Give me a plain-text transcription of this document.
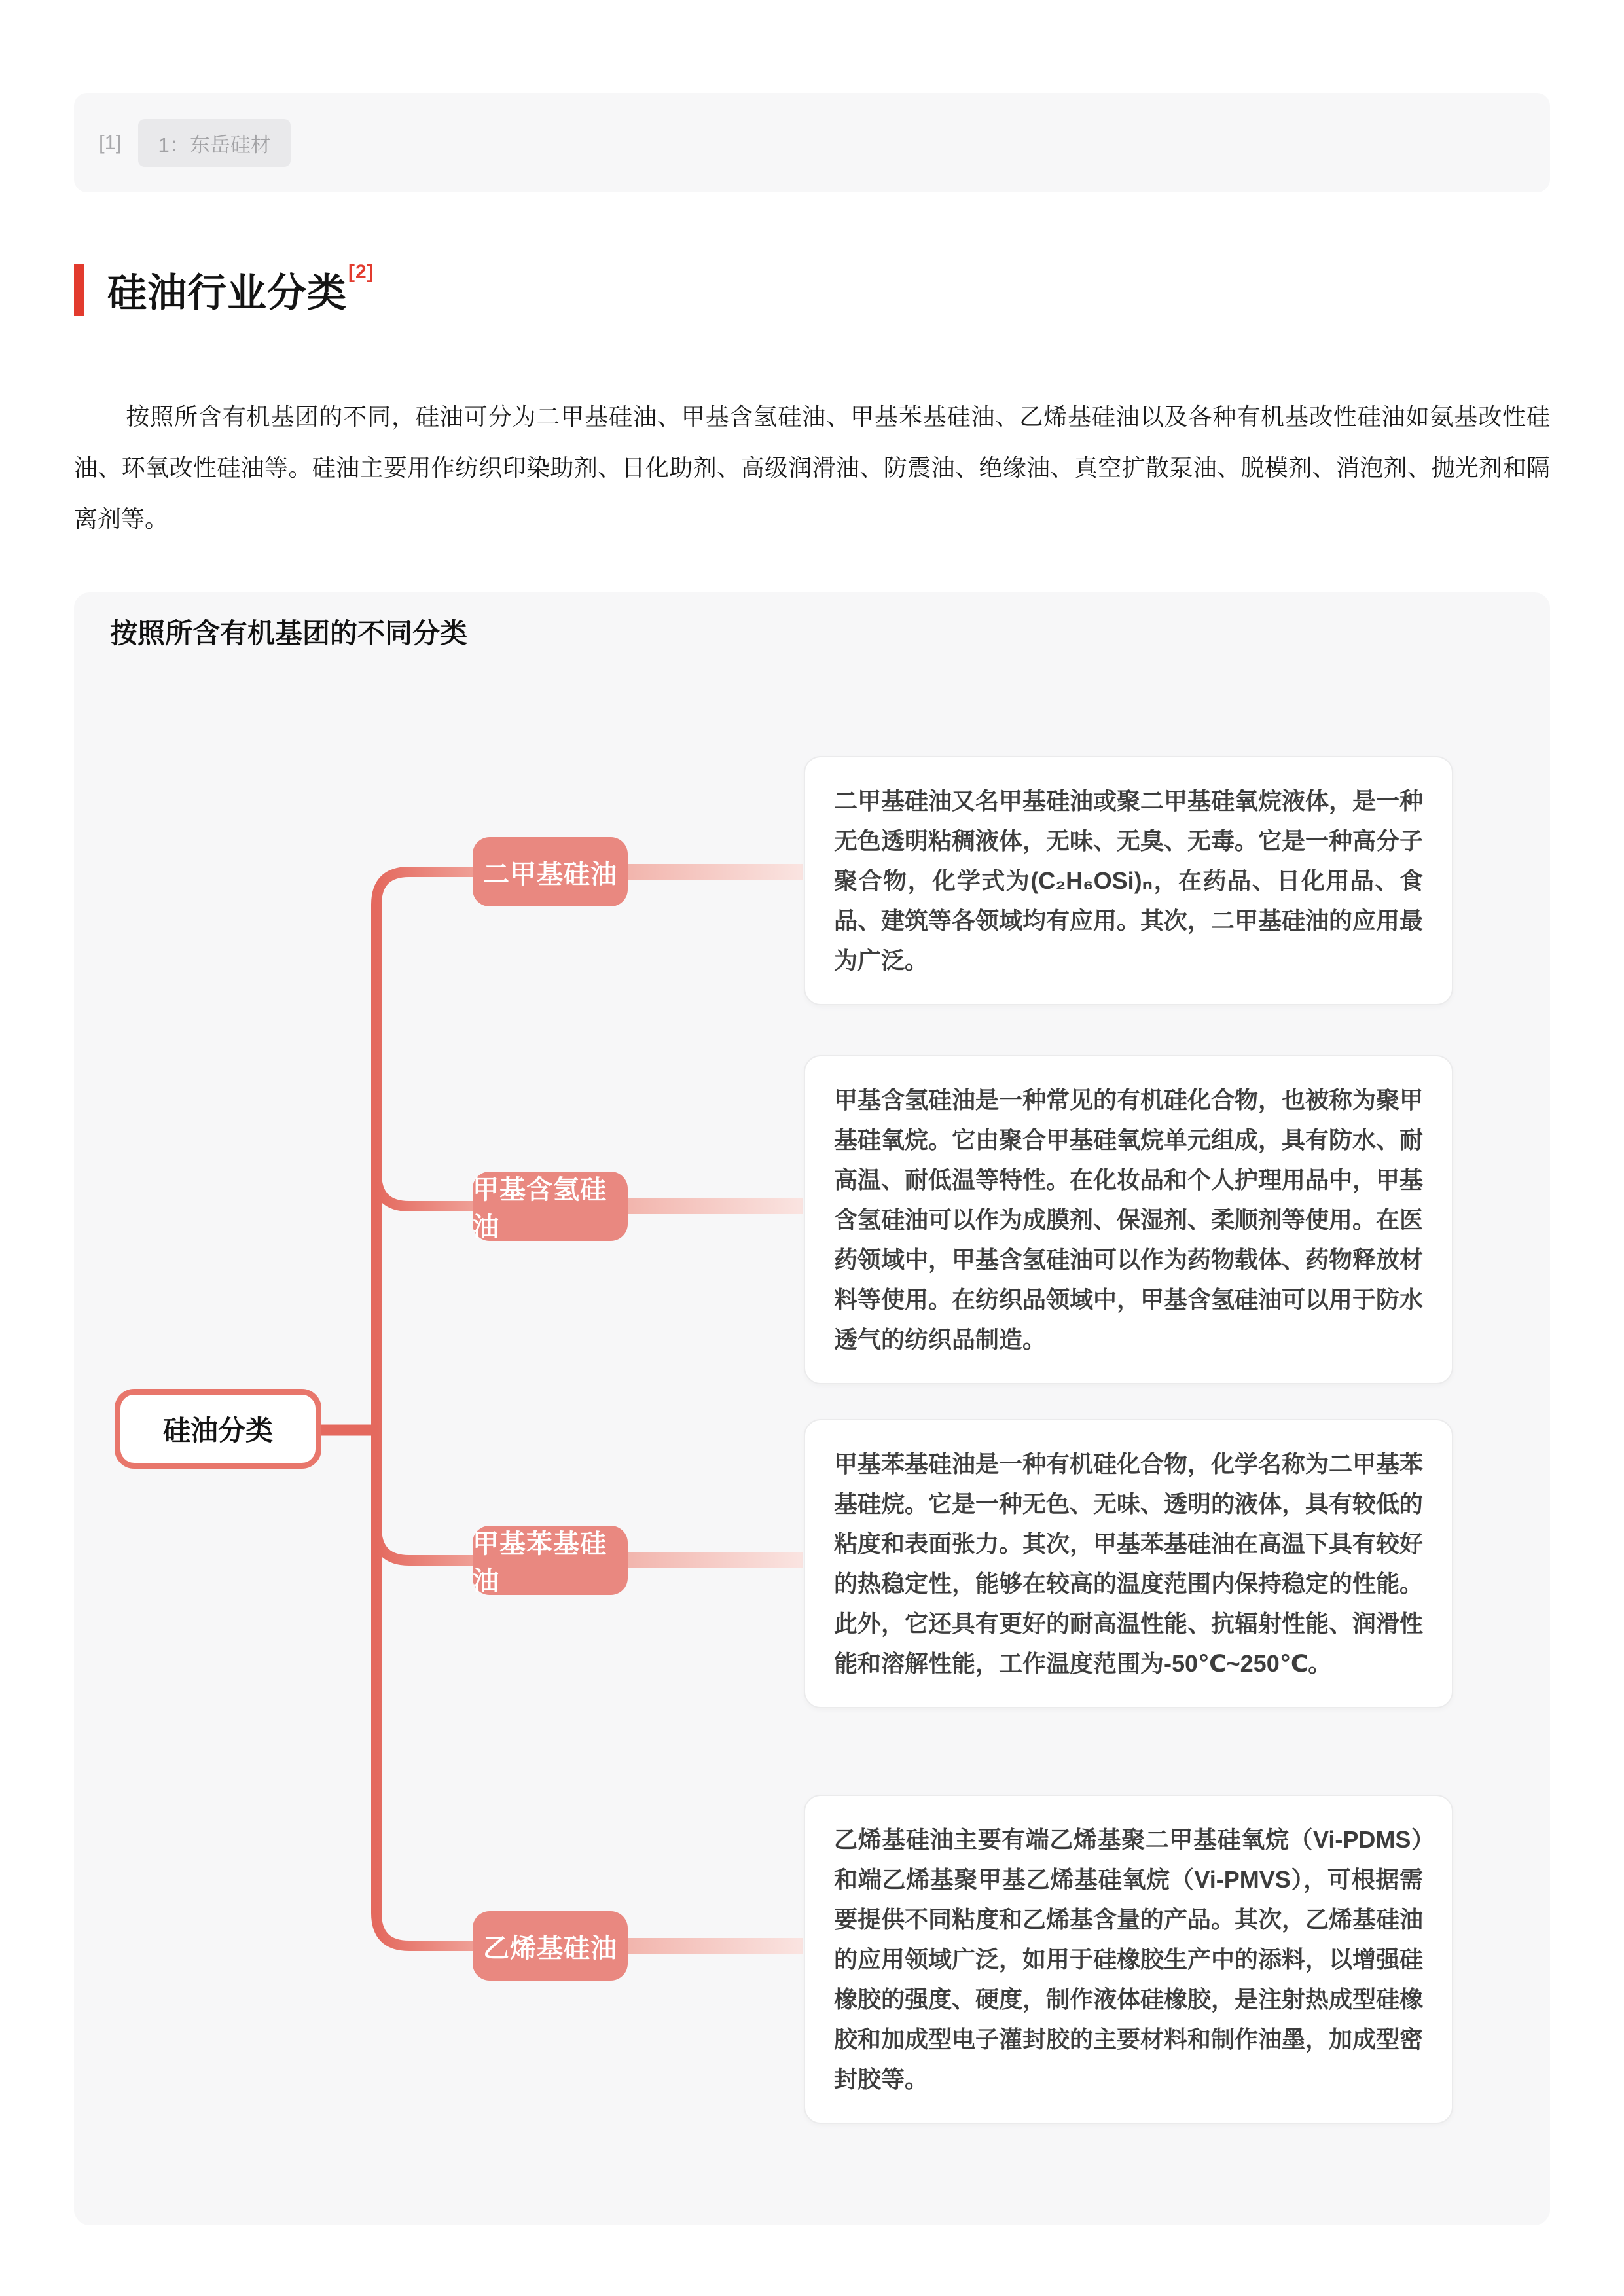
[1]	1：东岳硅材
硅油行业分类[2]

按照所含有机基团的不同，硅油可分为二甲基硅油、甲基含氢硅油、甲基苯基硅油、乙烯基硅油以及各种有机基改性硅油如氨基改性硅油、环氧改性硅油等。硅油主要用作纺织印染助剂、日化助剂、高级润滑油、防震油、绝缘油、真空扩散泵油、脱模剂、消泡剂、抛光剂和隔离剂等。

按照所含有机基团的不同分类
硅油分类
二甲基硅油
甲基含氢硅油
甲基苯基硅油
乙烯基硅油
二甲基硅油又名甲基硅油或聚二甲基硅氧烷液体，是一种无色透明粘稠液体，无味、无臭、无毒。它是一种高分子聚合物，化学式为(C₂H₆OSi)ₙ，在药品、日化用品、食品、建筑等各领域均有应用。其次，二甲基硅油的应用最为广泛。
甲基含氢硅油是一种常见的有机硅化合物，也被称为聚甲基硅氧烷。它由聚合甲基硅氧烷单元组成，具有防水、耐高温、耐低温等特性。在化妆品和个人护理用品中，甲基含氢硅油可以作为成膜剂、保湿剂、柔顺剂等使用。在医药领域中，甲基含氢硅油可以作为药物载体、药物释放材料等使用。在纺织品领域中，甲基含氢硅油可以用于防水透气的纺织品制造。
甲基苯基硅油是一种有机硅化合物，化学名称为二甲基苯基硅烷。它是一种无色、无味、透明的液体，具有较低的粘度和表面张力。其次，甲基苯基硅油在高温下具有较好的热稳定性，能够在较高的温度范围内保持稳定的性能。此外，它还具有更好的耐高温性能、抗辐射性能、润滑性能和溶解性能，工作温度范围为-50℃~250℃。
乙烯基硅油主要有端乙烯基聚二甲基硅氧烷（Vi-PDMS）和端乙烯基聚甲基乙烯基硅氧烷（Vi-PMVS），可根据需要提供不同粘度和乙烯基含量的产品。其次，乙烯基硅油的应用领域广泛，如用于硅橡胶生产中的添料，以增强硅橡胶的强度、硬度，制作液体硅橡胶，是注射热成型硅橡胶和加成型电子灌封胶的主要材料和制作油墨，加成型密封胶等。
